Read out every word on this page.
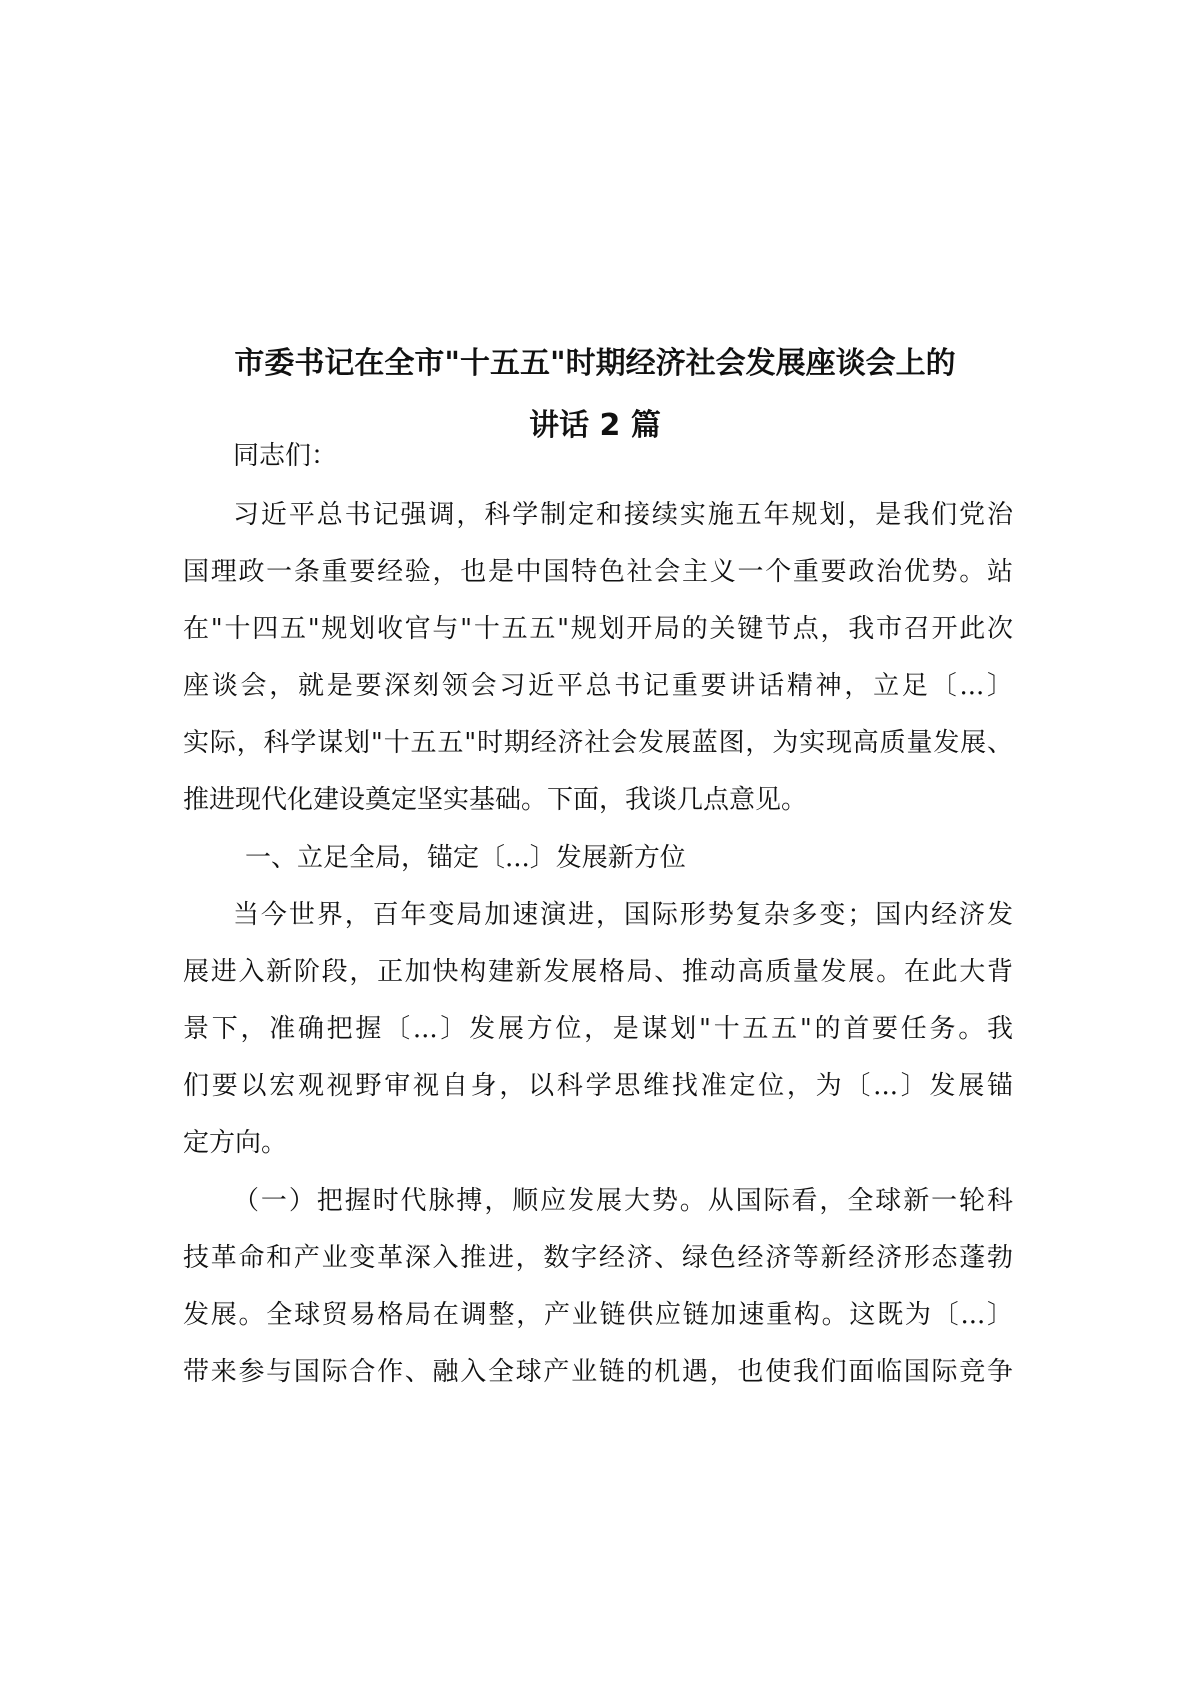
市委书记在全市"十五五"时期经济社会发展座谈会上的
讲话 2 篇

同志们：

习近平总书记强调，科学制定和接续实施五年规划，是我们党治

国理政一条重要经验，也是中国特色社会主义一个重要政治优势。站

在"十四五"规划收官与"十五五"规划开局的关键节点，我市召开此次

座谈会，就是要深刻领会习近平总书记重要讲话精神，立足〔...〕

实际，科学谋划"十五五"时期经济社会发展蓝图，为实现高质量发展、

推进现代化建设奠定坚实基础。下面，我谈几点意见。

一、立足全局，锚定〔...〕发展新方位

当今世界，百年变局加速演进，国际形势复杂多变；国内经济发

展进入新阶段，正加快构建新发展格局、推动高质量发展。在此大背

景下，准确把握〔...〕发展方位，是谋划"十五五"的首要任务。我

们要以宏观视野审视自身，以科学思维找准定位，为〔...〕发展锚

定方向。

（一）把握时代脉搏，顺应发展大势。从国际看，全球新一轮科

技革命和产业变革深入推进，数字经济、绿色经济等新经济形态蓬勃

发展。全球贸易格局在调整，产业链供应链加速重构。这既为〔...〕

带来参与国际合作、融入全球产业链的机遇，也使我们面临国际竞争
